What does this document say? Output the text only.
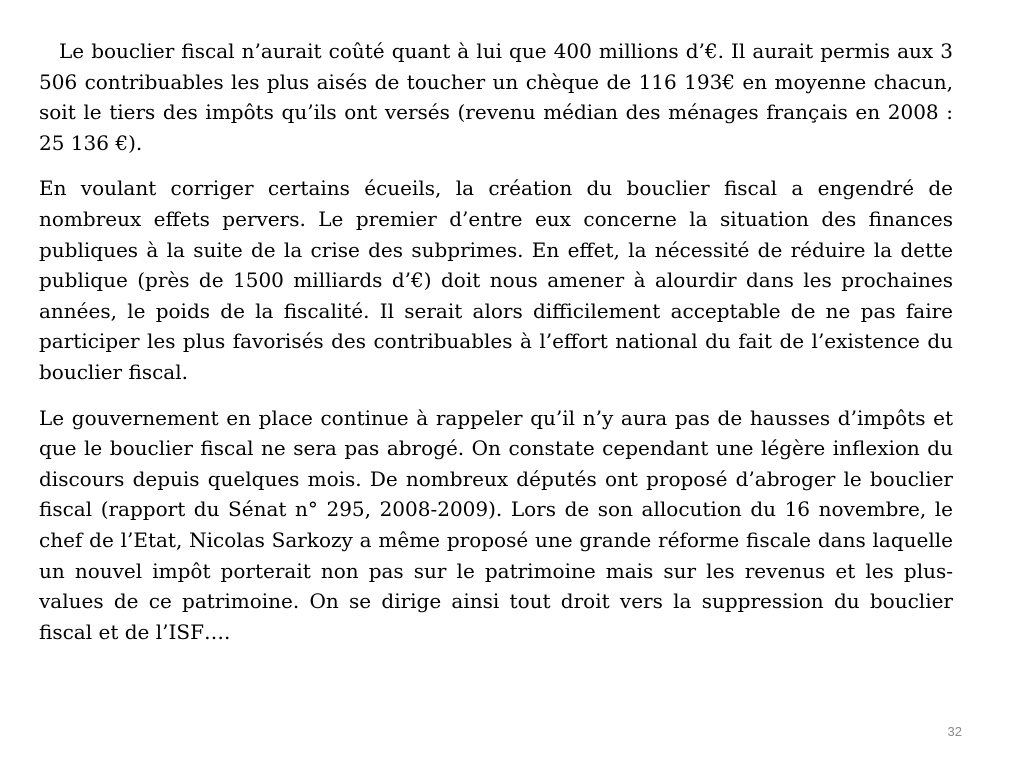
Le bouclier fiscal n’aurait coûté quant à lui que 400 millions d’€. Il aurait permis aux 3 506 contribuables les plus aisés de toucher un chèque de 116 193€ en moyenne chacun, soit le tiers des impôts qu’ils ont versés (revenu médian des ménages français en 2008 : 25 136 €).

En voulant corriger certains écueils, la création du bouclier fiscal a engendré de nombreux effets pervers. Le premier d’entre eux concerne la situation des finances publiques à la suite de la crise des subprimes. En effet, la nécessité de réduire la dette publique (près de 1500 milliards d’€) doit nous amener à alourdir dans les prochaines années, le poids de la fiscalité. Il serait alors difficilement acceptable de ne pas faire participer les plus favorisés des contribuables à l’effort national du fait de l’existence du bouclier fiscal.

Le gouvernement en place continue à rappeler qu’il n’y aura pas de hausses d’impôts et que le bouclier fiscal ne sera pas abrogé. On constate cependant une légère inflexion du discours depuis quelques mois. De nombreux députés ont proposé d’abroger le bouclier fiscal (rapport du Sénat n° 295, 2008-2009). Lors de son allocution du 16 novembre, le chef de l’Etat, Nicolas Sarkozy a même proposé une grande réforme fiscale dans laquelle un nouvel impôt porterait non pas sur le patrimoine mais sur les revenus et les plus-values de ce patrimoine. On se dirige ainsi tout droit vers la suppression du bouclier fiscal et de l’ISF….

32
